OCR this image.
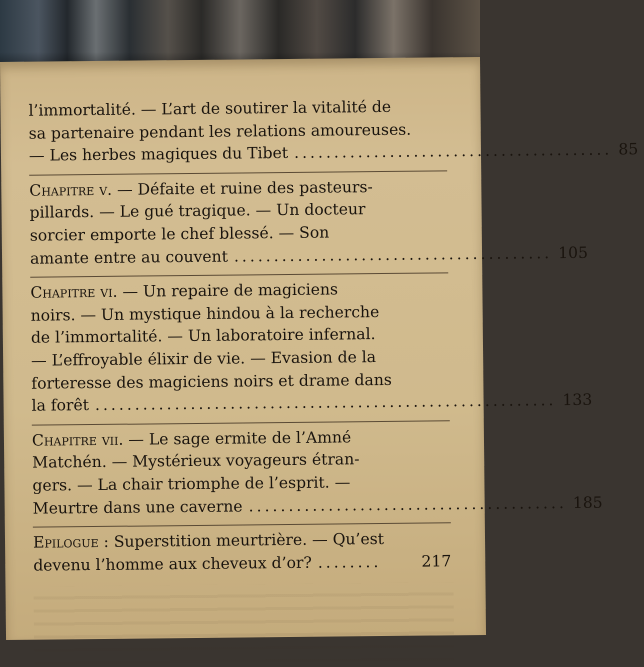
l’immortalité. — L’art de soutirer la vitalité de
sa partenaire pendant les relations amoureuses.
— Les herbes magiques du Tibet ........................................ 85
Chapitre v. — Défaite et ruine des pasteurs-
pillards. — Le gué tragique. — Un docteur
sorcier emporte le chef blessé. — Son
amante entre au couvent ........................................ 105
Chapitre vi. — Un repaire de magiciens
noirs. — Un mystique hindou à la recherche
de l’immortalité. — Un laboratoire infernal.
— L’effroyable élixir de vie. — Evasion de la
forteresse des magiciens noirs et drame dans
la forêt .......................................................... 133
Chapitre vii. — Le sage ermite de l’Amné
Matchén. — Mystérieux voyageurs étran-
gers. — La chair triomphe de l’esprit. —
Meurtre dans une caverne ........................................ 185
Epilogue : Superstition meurtrière. — Qu’est
devenu l’homme aux cheveux d’or? ........	217
